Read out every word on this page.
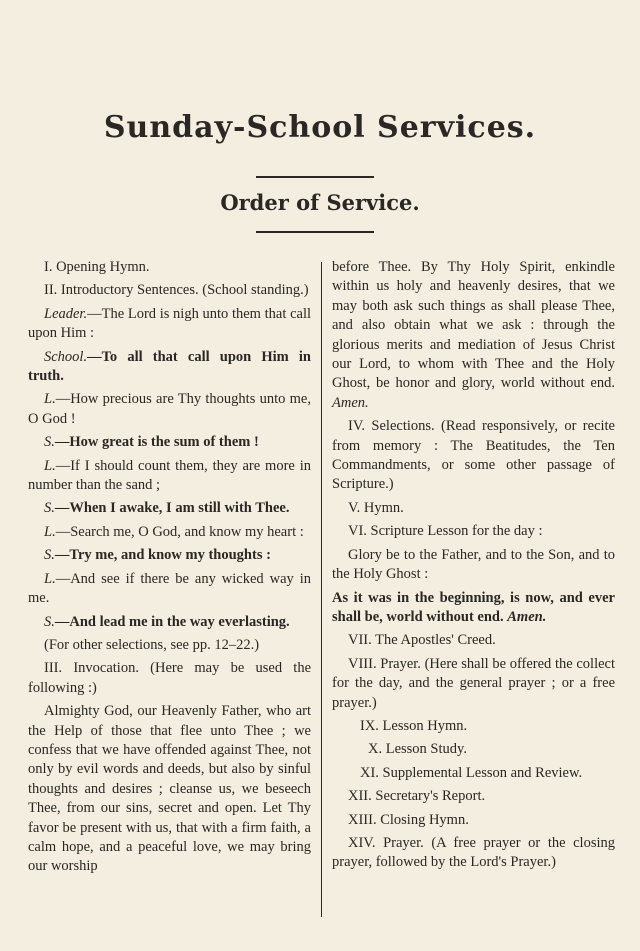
Sunday-School Services.
Order of Service.

I. Opening Hymn.

II. Introductory Sentences. (School standing.)

Leader.—The Lord is nigh unto them that call upon Him :

School.—To all that call upon Him in truth.

L.—How precious are Thy thoughts unto me, O God !

S.—How great is the sum of them !

L.—If I should count them, they are more in number than the sand ;

S.—When I awake, I am still with Thee.

L.—Search me, O God, and know my heart :

S.—Try me, and know my thoughts :

L.—And see if there be any wicked way in me.

S.—And lead me in the way everlasting.

(For other selections, see pp. 12–22.)

III. Invocation. (Here may be used the following :)

Almighty God, our Heavenly Father, who art the Help of those that flee unto Thee ; we confess that we have offended against Thee, not only by evil words and deeds, but also by sinful thoughts and desires ; cleanse us, we beseech Thee, from our sins, secret and open. Let Thy favor be present with us, that with a firm faith, a calm hope, and a peaceful love, we may bring our worship

before Thee. By Thy Holy Spirit, enkindle within us holy and heavenly desires, that we may both ask such things as shall please Thee, and also obtain what we ask : through the glorious merits and mediation of Jesus Christ our Lord, to whom with Thee and the Holy Ghost, be honor and glory, world without end. Amen.

IV. Selections. (Read responsively, or recite from memory : The Beatitudes, the Ten Commandments, or some other passage of Scripture.)

V. Hymn.

VI. Scripture Lesson for the day :

Glory be to the Father, and to the Son, and to the Holy Ghost :

As it was in the beginning, is now, and ever shall be, world without end. Amen.

VII. The Apostles' Creed.

VIII. Prayer. (Here shall be offered the collect for the day, and the general prayer ; or a free prayer.)

IX. Lesson Hymn.

X. Lesson Study.

XI. Supplemental Lesson and Review.

XII. Secretary's Report.

XIII. Closing Hymn.

XIV. Prayer. (A free prayer or the closing prayer, followed by the Lord's Prayer.)
